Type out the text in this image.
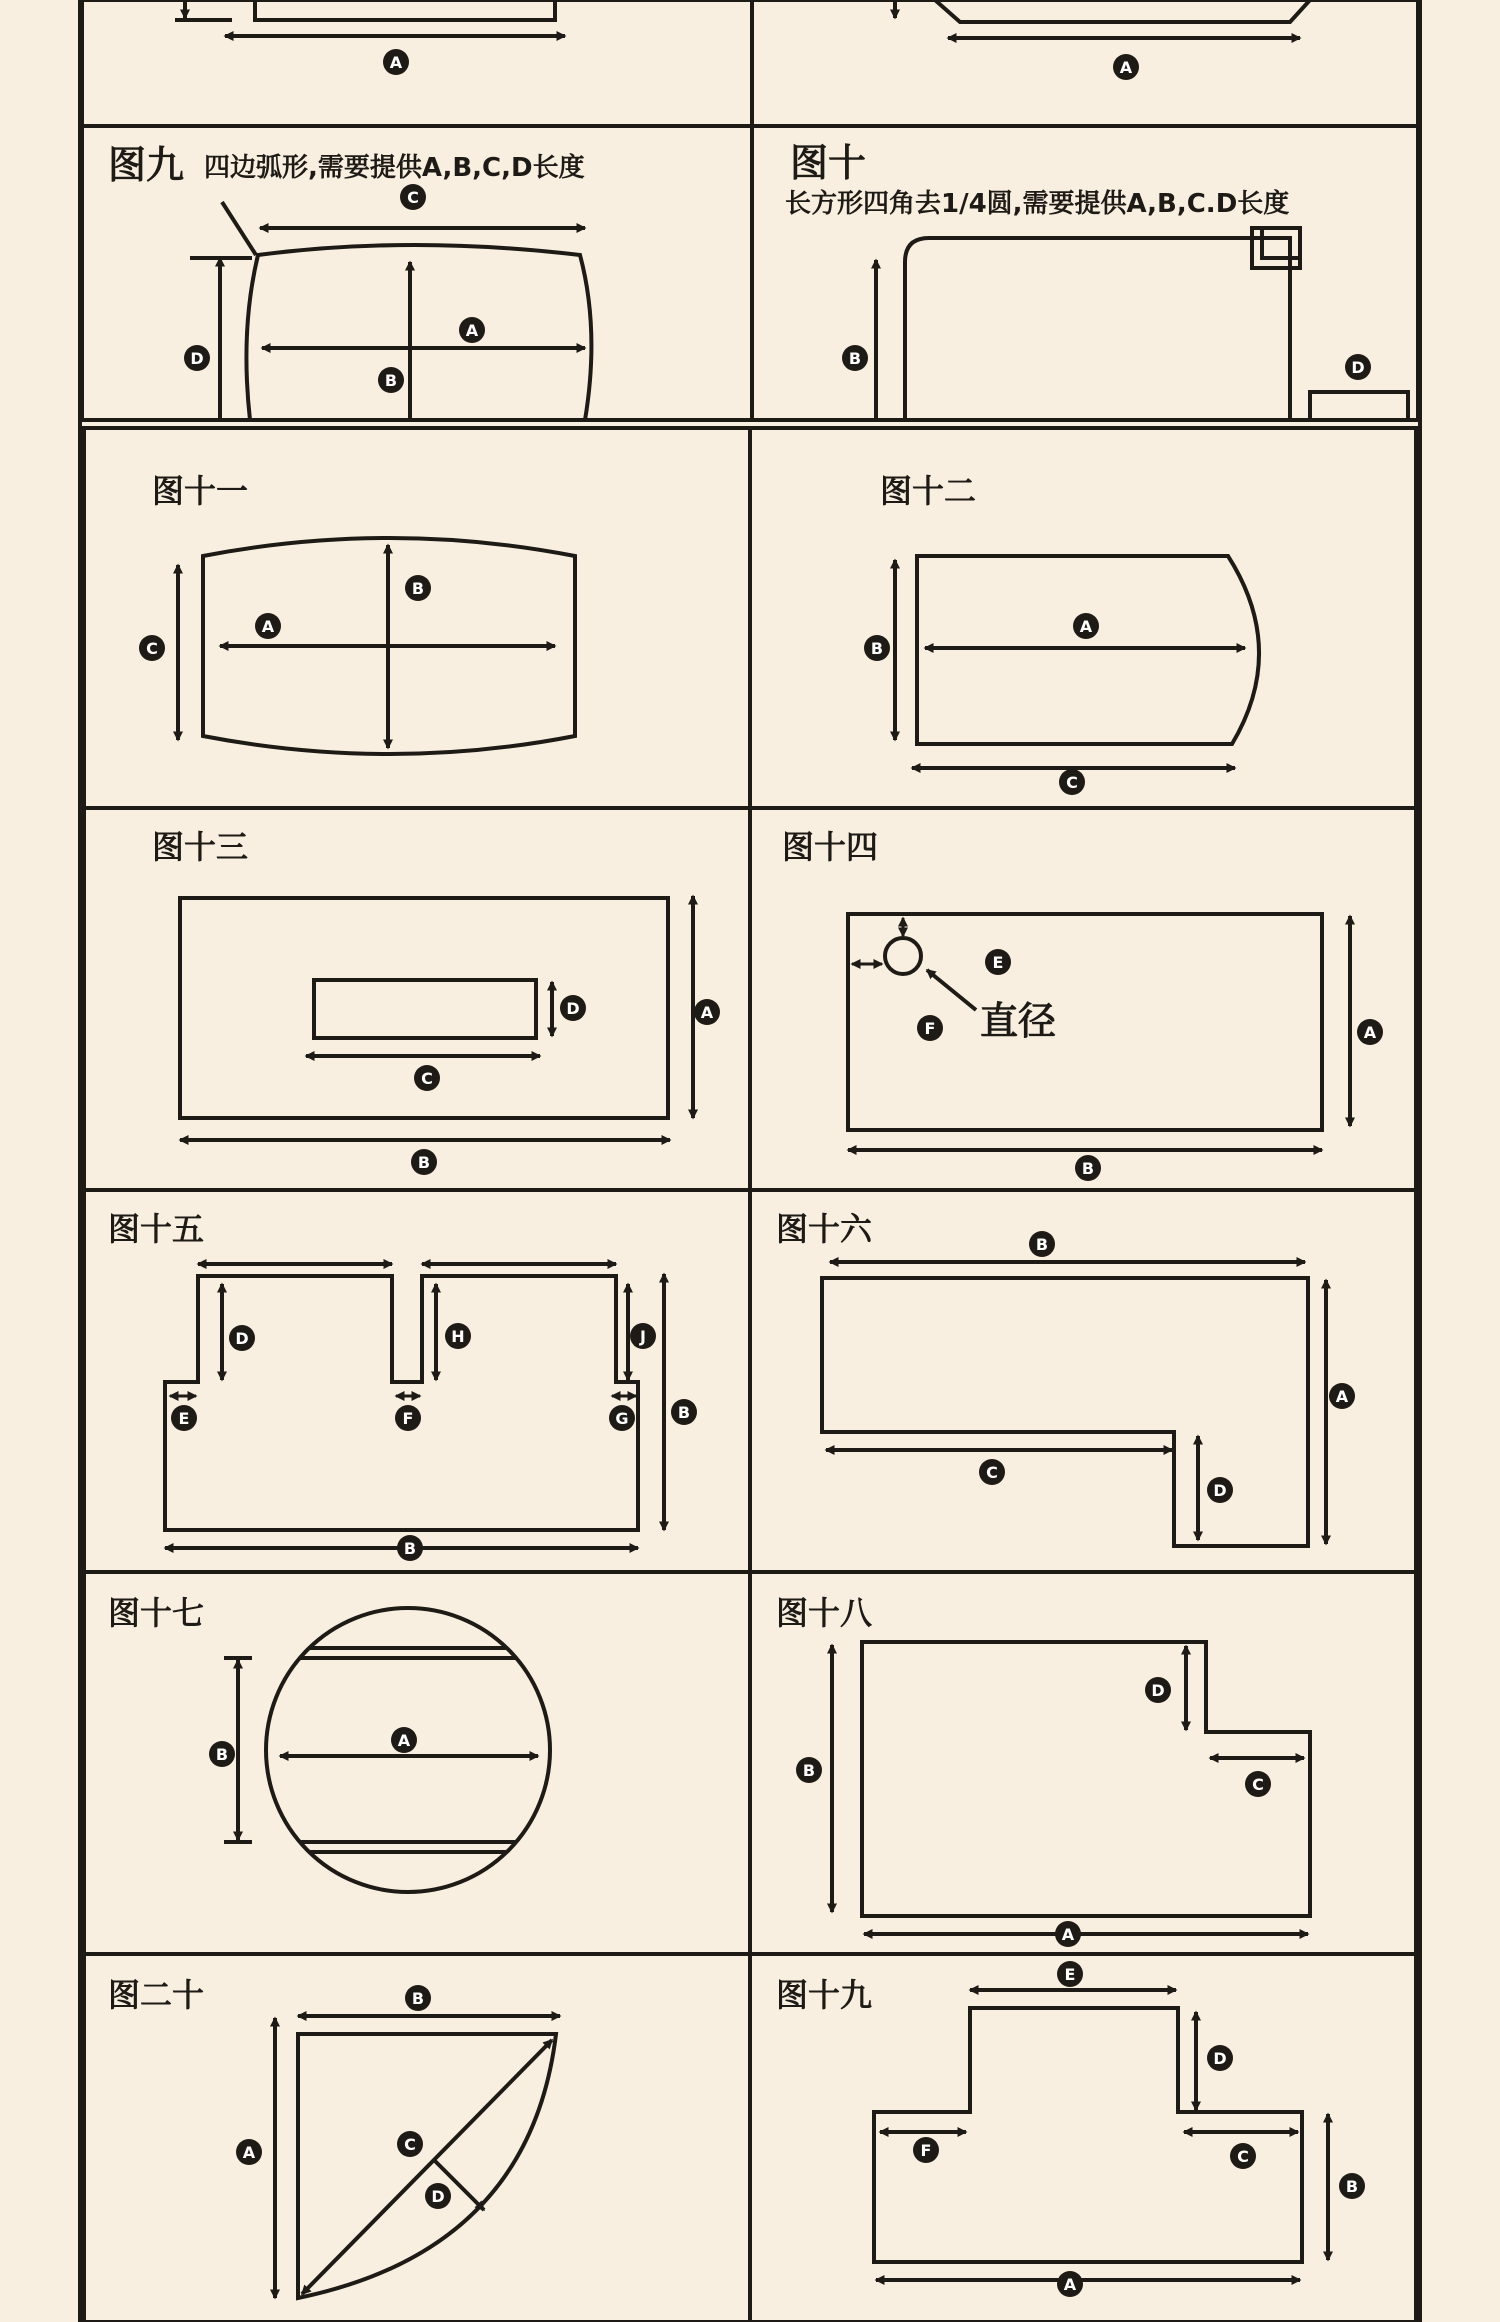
图九 四边弧形,需要提供A,B,C,D长度	图十
长方形四角去1/4圆,需要提供A,B,C.D长度
图十一	图十二
图十三	图十四
直径
图十五	图十六
图十七	图十八
图二十	图十九
A	A
C
A
D
B
B	D
B
A
C
A
B
C
D
C
A
B
E
F	A
B
D	H	J
E	F	G	B
B
B
A
C
D
B
A
D
B
C
A
B
A	C
D
E
D
F	C
B
A
